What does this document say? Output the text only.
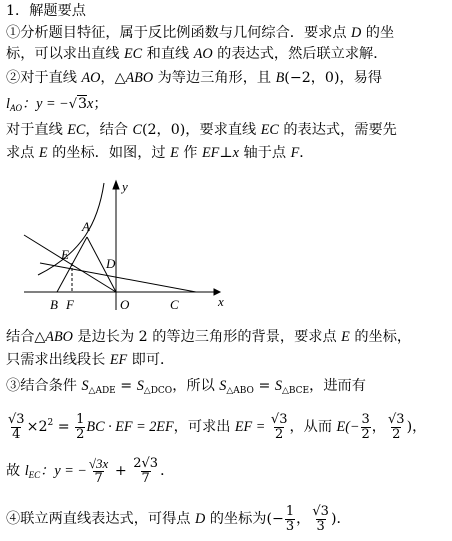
1．解题要点
①分析题目特征，属于反比例函数与几何综合．要求点 D 的坐
标，可以求出直线 EC 和直线 AO 的表达式，然后联立求解．
②对于直线 AO，△ABO 为等边三角形，且 B(−2，0)，易得
$l_{AO}$：y = −√3x；
对于直线 EC，结合 C(2，0)，要求直线 EC 的表达式，需要先
求点 E 的坐标．如图，过 E 作 EF⊥x 轴于点 F．
A
E
D
B F	O	C	x
y
结合△ABO 是边长为 2 的等边三角形的背景，要求点 E 的坐标，
只需求出线段长 EF 即可．
③结合条件 $S_{\triangle ADE} = S_{\triangle DCO}$，所以 $S_{\triangle ABO} = S_{\triangle BCE}$，进而有
$\frac{√3}{4} \times 2^2 = \frac{1}{2}$ BC · EF = 2EF，可求出 EF = $\frac{√3}{2}$ ，从而 $E(- \frac{3}{2}$ ， $\frac{√3}{2}$ )，
故 $l_{EC}$：y = − $\frac{√3x}{7} + \frac{2√3}{7}$ ．
④联立两直线表达式，可得点 D 的坐标为(− $\frac{1}{3}$ ， $\frac{√3}{3}$ )．
